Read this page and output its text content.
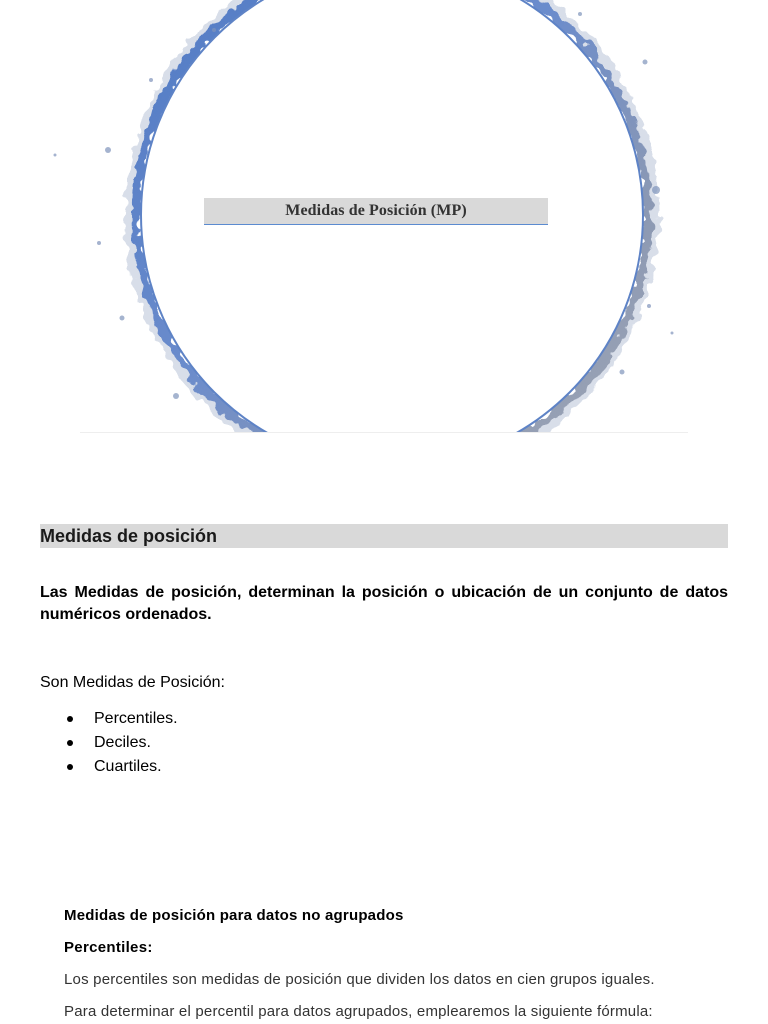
Medidas de Posición (MP)
Medidas de posición

Las Medidas de posición, determinan la posición o ubicación de un conjunto de datos numéricos ordenados.

Son Medidas de Posición:

Percentiles.
Deciles.
Cuartiles.

Medidas de posición para datos no agrupados

Percentiles:

Los percentiles son medidas de posición que dividen los datos en cien grupos iguales.

Para determinar el percentil para datos agrupados, emplearemos la siguiente fórmula:
